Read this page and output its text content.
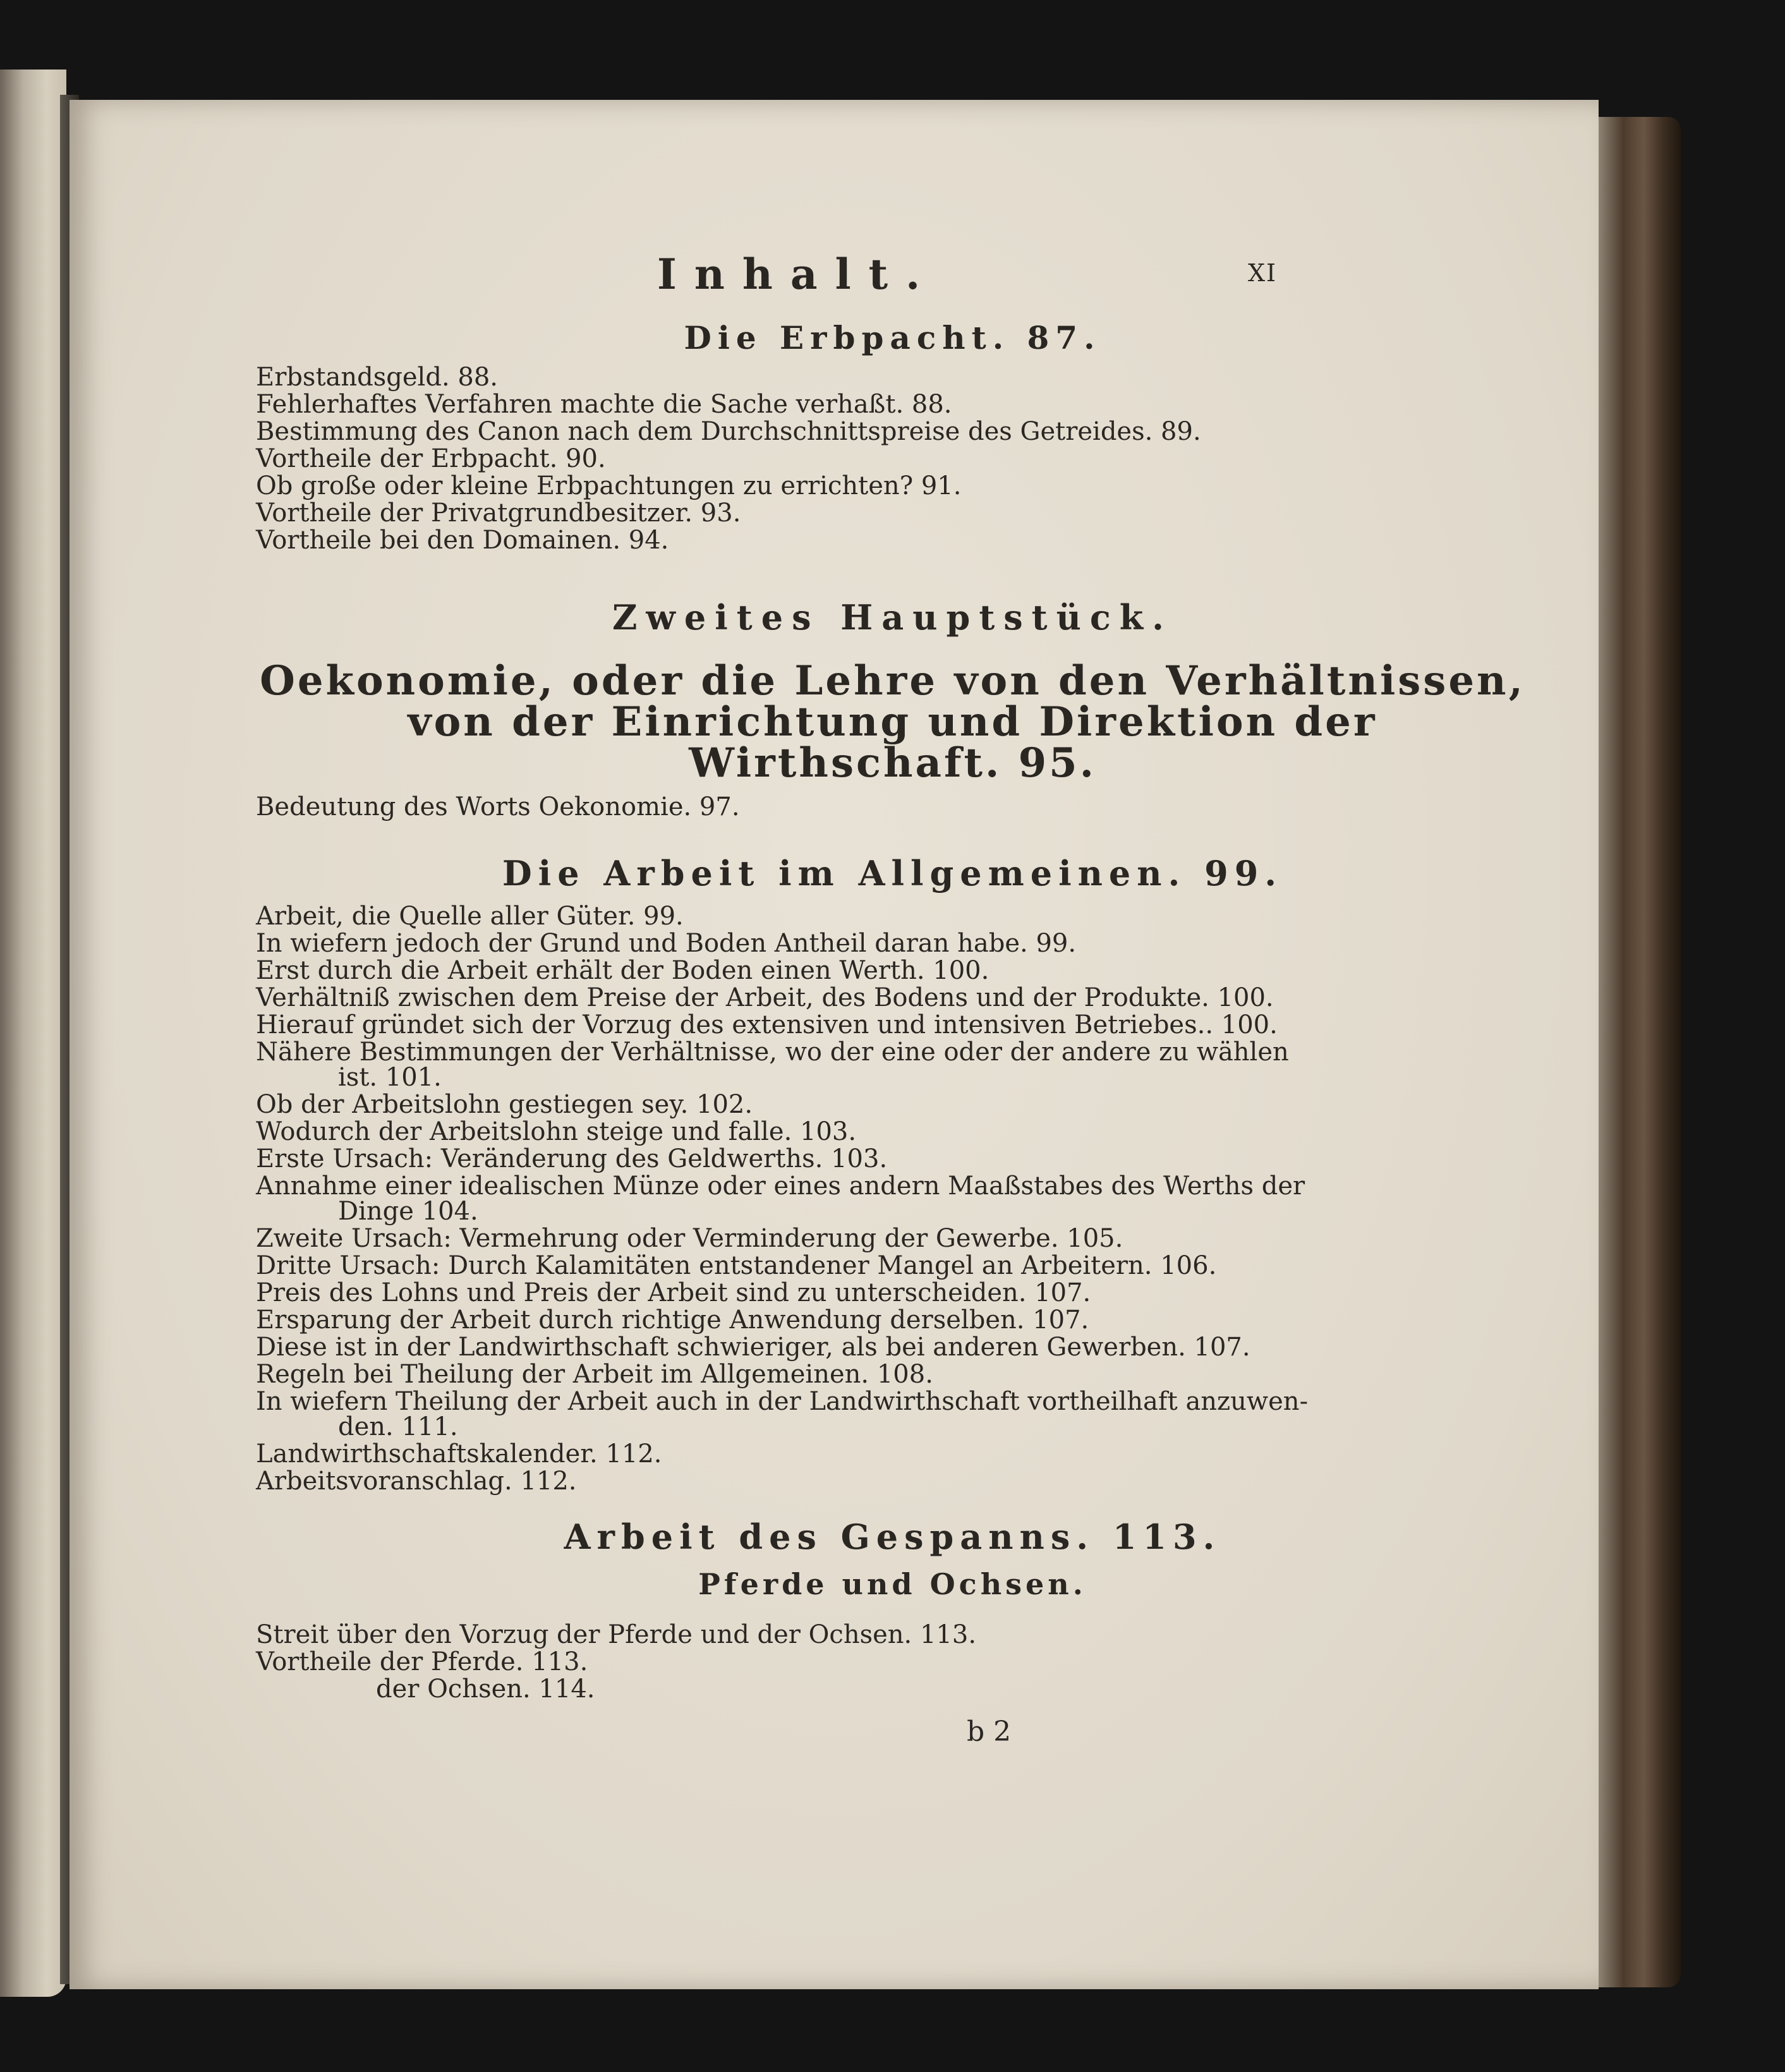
Inhalt.	XI
Die Erbpacht. 87.
Erbstandsgeld. 88.
Fehlerhaftes Verfahren machte die Sache verhaßt. 88.
Bestimmung des Canon nach dem Durchschnittspreise des Getreides. 89.
Vortheile der Erbpacht. 90.
Ob große oder kleine Erbpachtungen zu errichten? 91.
Vortheile der Privatgrundbesitzer. 93.
Vortheile bei den Domainen. 94.
Zweites Hauptstück.
Oekonomie, oder die Lehre von den Verhältnissen,
von der Einrichtung und Direktion der
Wirthschaft. 95.
Bedeutung des Worts Oekonomie. 97.
Die Arbeit im Allgemeinen. 99.
Arbeit, die Quelle aller Güter. 99.
In wiefern jedoch der Grund und Boden Antheil daran habe. 99.
Erst durch die Arbeit erhält der Boden einen Werth. 100.
Verhältniß zwischen dem Preise der Arbeit, des Bodens und der Produkte. 100.
Hierauf gründet sich der Vorzug des extensiven und intensiven Betriebes.. 100.
Nähere Bestimmungen der Verhältnisse, wo der eine oder der andere zu wählen
ist. 101.
Ob der Arbeitslohn gestiegen sey. 102.
Wodurch der Arbeitslohn steige und falle. 103.
Erste Ursach: Veränderung des Geldwerths. 103.
Annahme einer idealischen Münze oder eines andern Maaßstabes des Werths der
Dinge 104.
Zweite Ursach: Vermehrung oder Verminderung der Gewerbe. 105.
Dritte Ursach: Durch Kalamitäten entstandener Mangel an Arbeitern. 106.
Preis des Lohns und Preis der Arbeit sind zu unterscheiden. 107.
Ersparung der Arbeit durch richtige Anwendung derselben. 107.
Diese ist in der Landwirthschaft schwieriger, als bei anderen Gewerben. 107.
Regeln bei Theilung der Arbeit im Allgemeinen. 108.
In wiefern Theilung der Arbeit auch in der Landwirthschaft vortheilhaft anzuwen-
den. 111.
Landwirthschaftskalender. 112.
Arbeitsvoranschlag. 112.
Arbeit des Gespanns. 113.
Pferde und Ochsen.
Streit über den Vorzug der Pferde und der Ochsen. 113.
Vortheile der Pferde. 113.
der Ochsen. 114.
b 2
